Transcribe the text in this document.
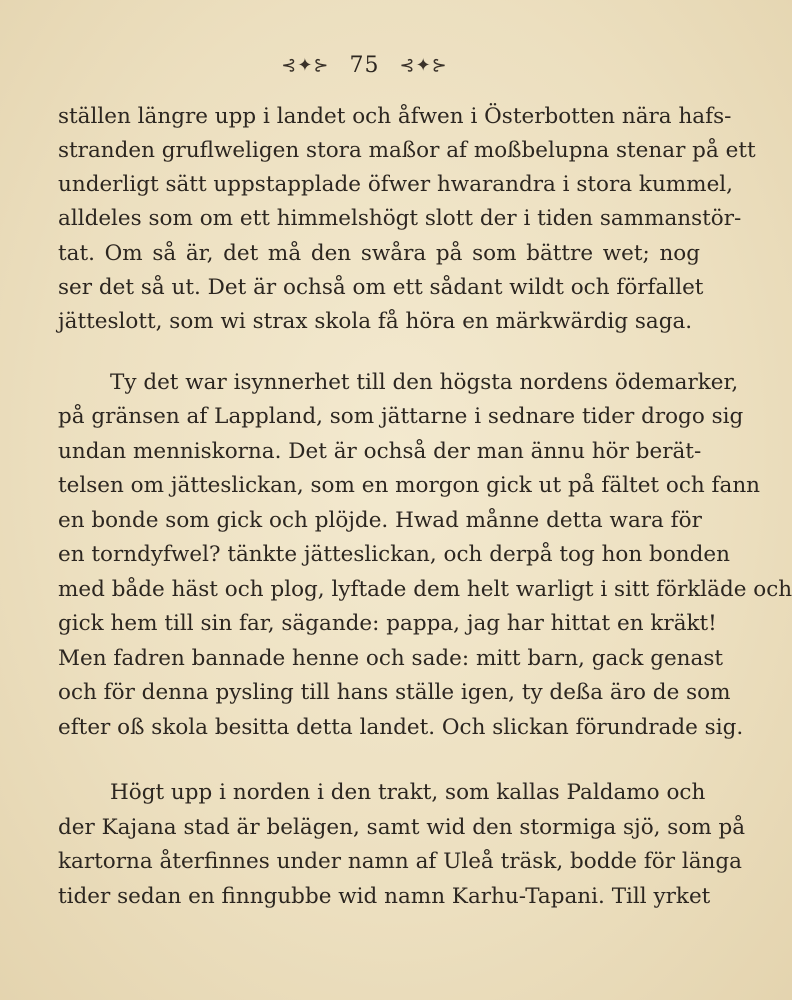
⊰✦⊱ 75 ⊰✦⊱
ställen längre upp i landet och åfwen i Österbotten nära hafs-
stranden gruflweligen stora maßor af moßbelupna stenar på ett
underligt sätt uppstapplade öfwer hwarandra i stora kummel,
alldeles som om ett himmelshögt slott der i tiden sammanstör-
tat. Om så är, det må den swåra på som bättre wet; nog
ser det så ut. Det är ochså om ett sådant wildt och förfallet
jätteslott, som wi strax skola få höra en märkwärdig saga.
Ty det war isynnerhet till den högsta nordens ödemarker,
på gränsen af Lappland, som jättarne i sednare tider drogo sig
undan menniskorna. Det är ochså der man ännu hör berät-
telsen om jätteslickan, som en morgon gick ut på fältet och fann
en bonde som gick och plöjde. Hwad månne detta wara för
en torndyfwel? tänkte jätteslickan, och derpå tog hon bonden
med både häst och plog, lyftade dem helt warligt i sitt förkläde och
gick hem till sin far, sägande: pappa, jag har hittat en kräkt!
Men fadren bannade henne och sade: mitt barn, gack genast
och för denna pysling till hans ställe igen, ty deßa äro de som
efter oß skola besitta detta landet. Och slickan förundrade sig.
Högt upp i norden i den trakt, som kallas Paldamo och
der Kajana stad är belägen, samt wid den stormiga sjö, som på
kartorna återfinnes under namn af Uleå träsk, bodde för länga
tider sedan en finngubbe wid namn Karhu-Tapani. Till yrket
